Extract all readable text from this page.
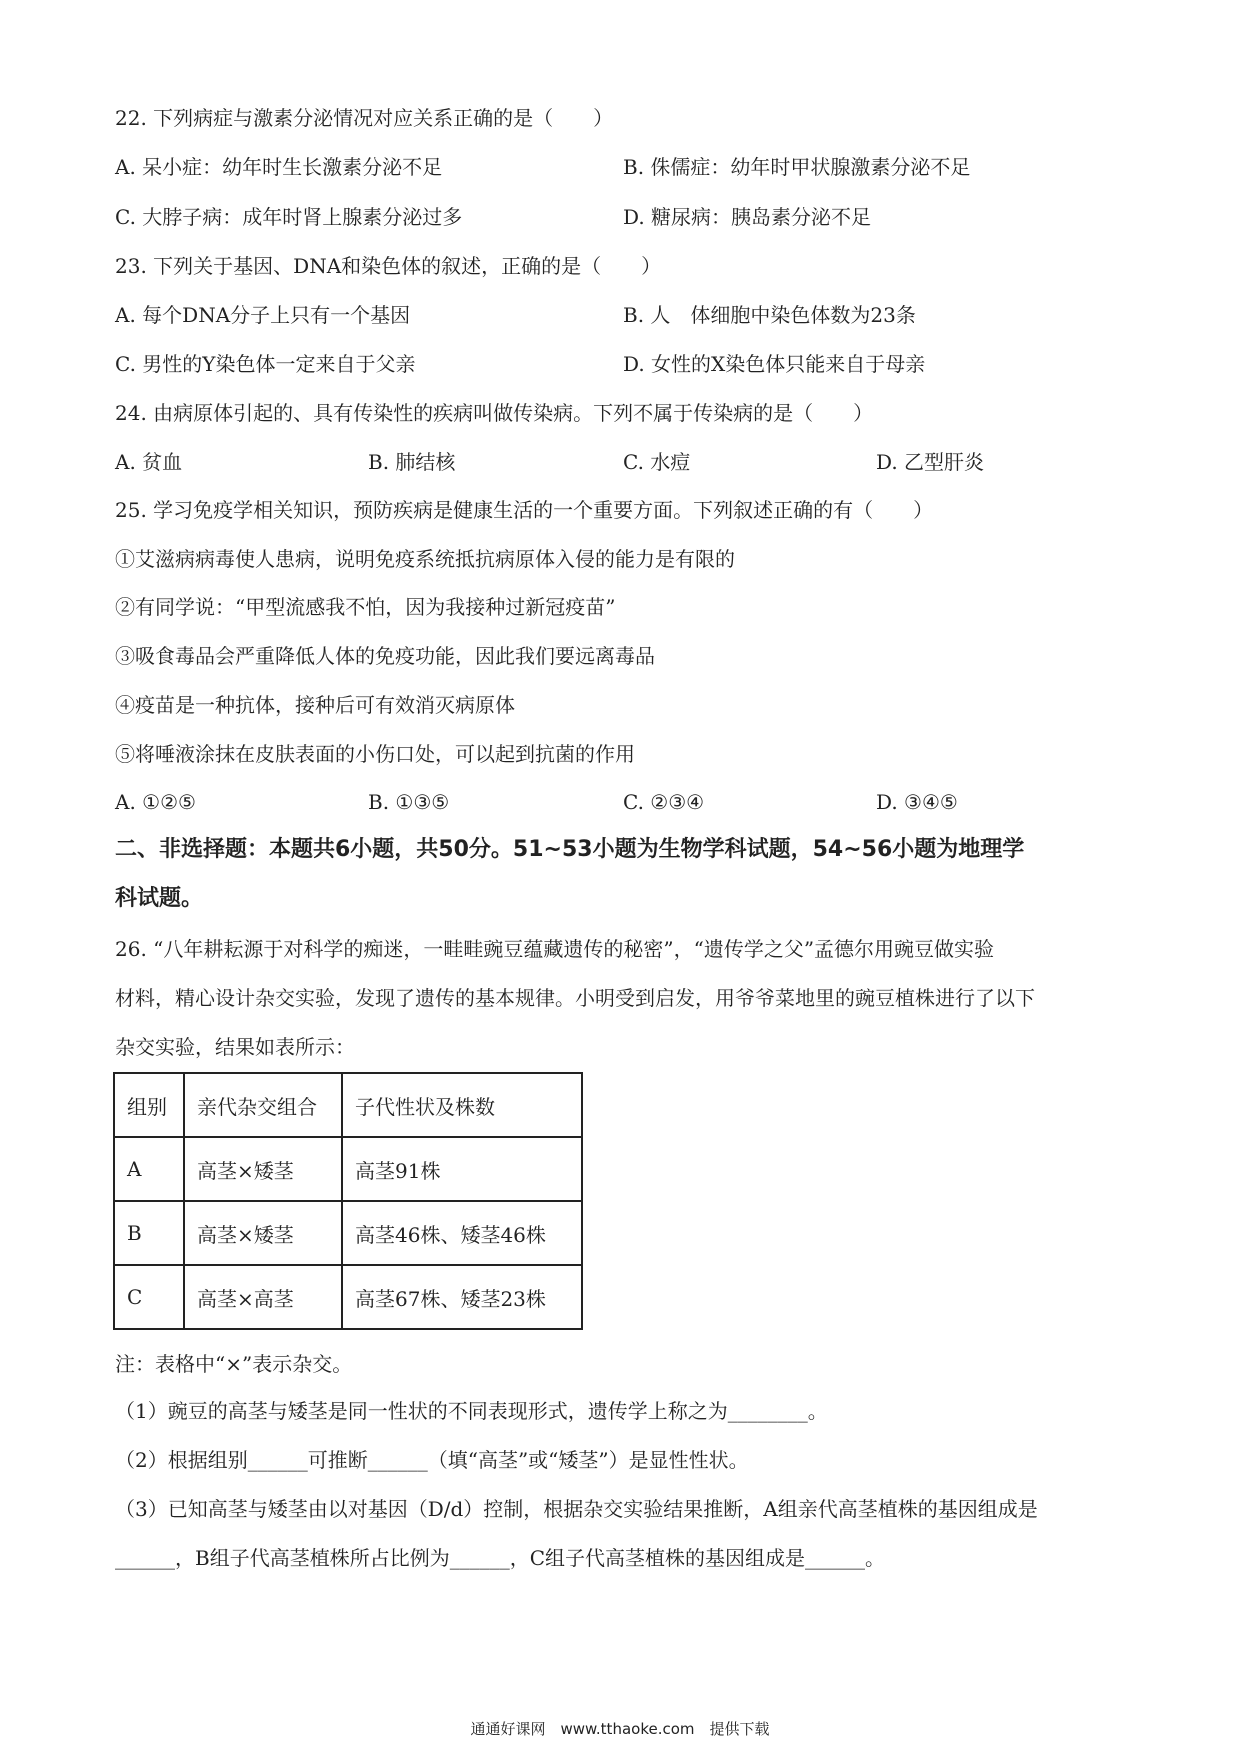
22. 下列病症与激素分泌情况对应关系正确的是（　　）
A. 呆小症：幼年时生长激素分泌不足	B. 侏儒症：幼年时甲状腺激素分泌不足
C. 大脖子病：成年时肾上腺素分泌过多	D. 糖尿病：胰岛素分泌不足
23. 下列关于基因、DNA和染色体的叙述，正确的是（　　）
A. 每个DNA分子上只有一个基因	B. 人　体细胞中染色体数为23条
C. 男性的Y染色体一定来自于父亲	D. 女性的X染色体只能来自于母亲
24. 由病原体引起的、具有传染性的疾病叫做传染病。下列不属于传染病的是（　　）
A. 贫血	B. 肺结核	C. 水痘	D. 乙型肝炎
25. 学习免疫学相关知识，预防疾病是健康生活的一个重要方面。下列叙述正确的有（　　）
①艾滋病病毒使人患病，说明免疫系统抵抗病原体入侵的能力是有限的
②有同学说：“甲型流感我不怕，因为我接种过新冠疫苗”
③吸食毒品会严重降低人体的免疫功能，因此我们要远离毒品
④疫苗是一种抗体，接种后可有效消灭病原体
⑤将唾液涂抹在皮肤表面的小伤口处，可以起到抗菌的作用
A. ①②⑤	B. ①③⑤	C. ②③④	D. ③④⑤
二、非选择题：本题共6小题，共50分。51~53小题为生物学科试题，54~56小题为地理学
科试题。
26. “八年耕耘源于对科学的痴迷，一畦畦豌豆蕴藏遗传的秘密”，“遗传学之父”孟德尔用豌豆做实验
材料，精心设计杂交实验，发现了遗传的基本规律。小明受到启发，用爷爷菜地里的豌豆植株进行了以下
杂交实验，结果如表所示：
组别	亲代杂交组合	子代性状及株数
A	高茎×矮茎	高茎91株
B	高茎×矮茎	高茎46株、矮茎46株
C	高茎×高茎	高茎67株、矮茎23株
注：表格中“×”表示杂交。
（1）豌豆的高茎与矮茎是同一性状的不同表现形式，遗传学上称之为________。
（2）根据组别______可推断______（填“高茎”或“矮茎”）是显性性状。
（3）已知高茎与矮茎由以对基因（D/d）控制，根据杂交实验结果推断，A组亲代高茎植株的基因组成是
______，B组子代高茎植株所占比例为______，C组子代高茎植株的基因组成是______。
通通好课网　www.tthaoke.com　提供下载
